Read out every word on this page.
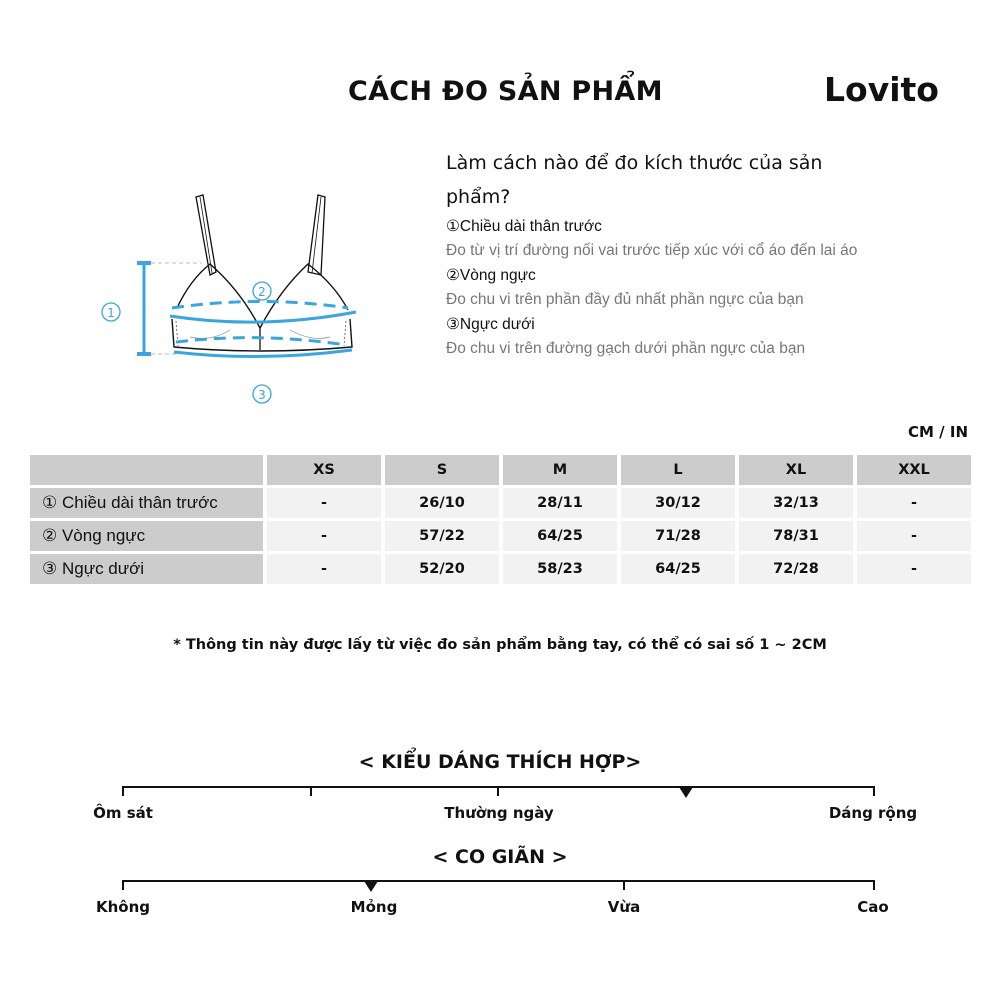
CÁCH ĐO SẢN PHẨM	Lovito
1
2
3
Làm cách nào để đo kích thước của sản phẩm?
①Chiều dài thân trước
Đo từ vị trí đường nối vai trước tiếp xúc với cổ áo đến lai áo
②Vòng ngực
Đo chu vi trên phần đầy đủ nhất phần ngực của bạn
③Ngực dưới
Đo chu vi trên đường gạch dưới phần ngực của bạn
CM / IN
	XS	S	M	L	XL	XXL
① Chiều dài thân trước	-	26/10	28/11	30/12	32/13	-
② Vòng ngực	-	57/22	64/25	71/28	78/31	-
③ Ngực dưới	-	52/20	58/23	64/25	72/28	-
* Thông tin này được lấy từ việc đo sản phẩm bằng tay, có thể có sai số 1 ~ 2CM
< KIỂU DÁNG THÍCH HỢP>
Ôm sát	Thường ngày	Dáng rộng
< CO GIÃN >
Không	Mỏng	Vừa	Cao
